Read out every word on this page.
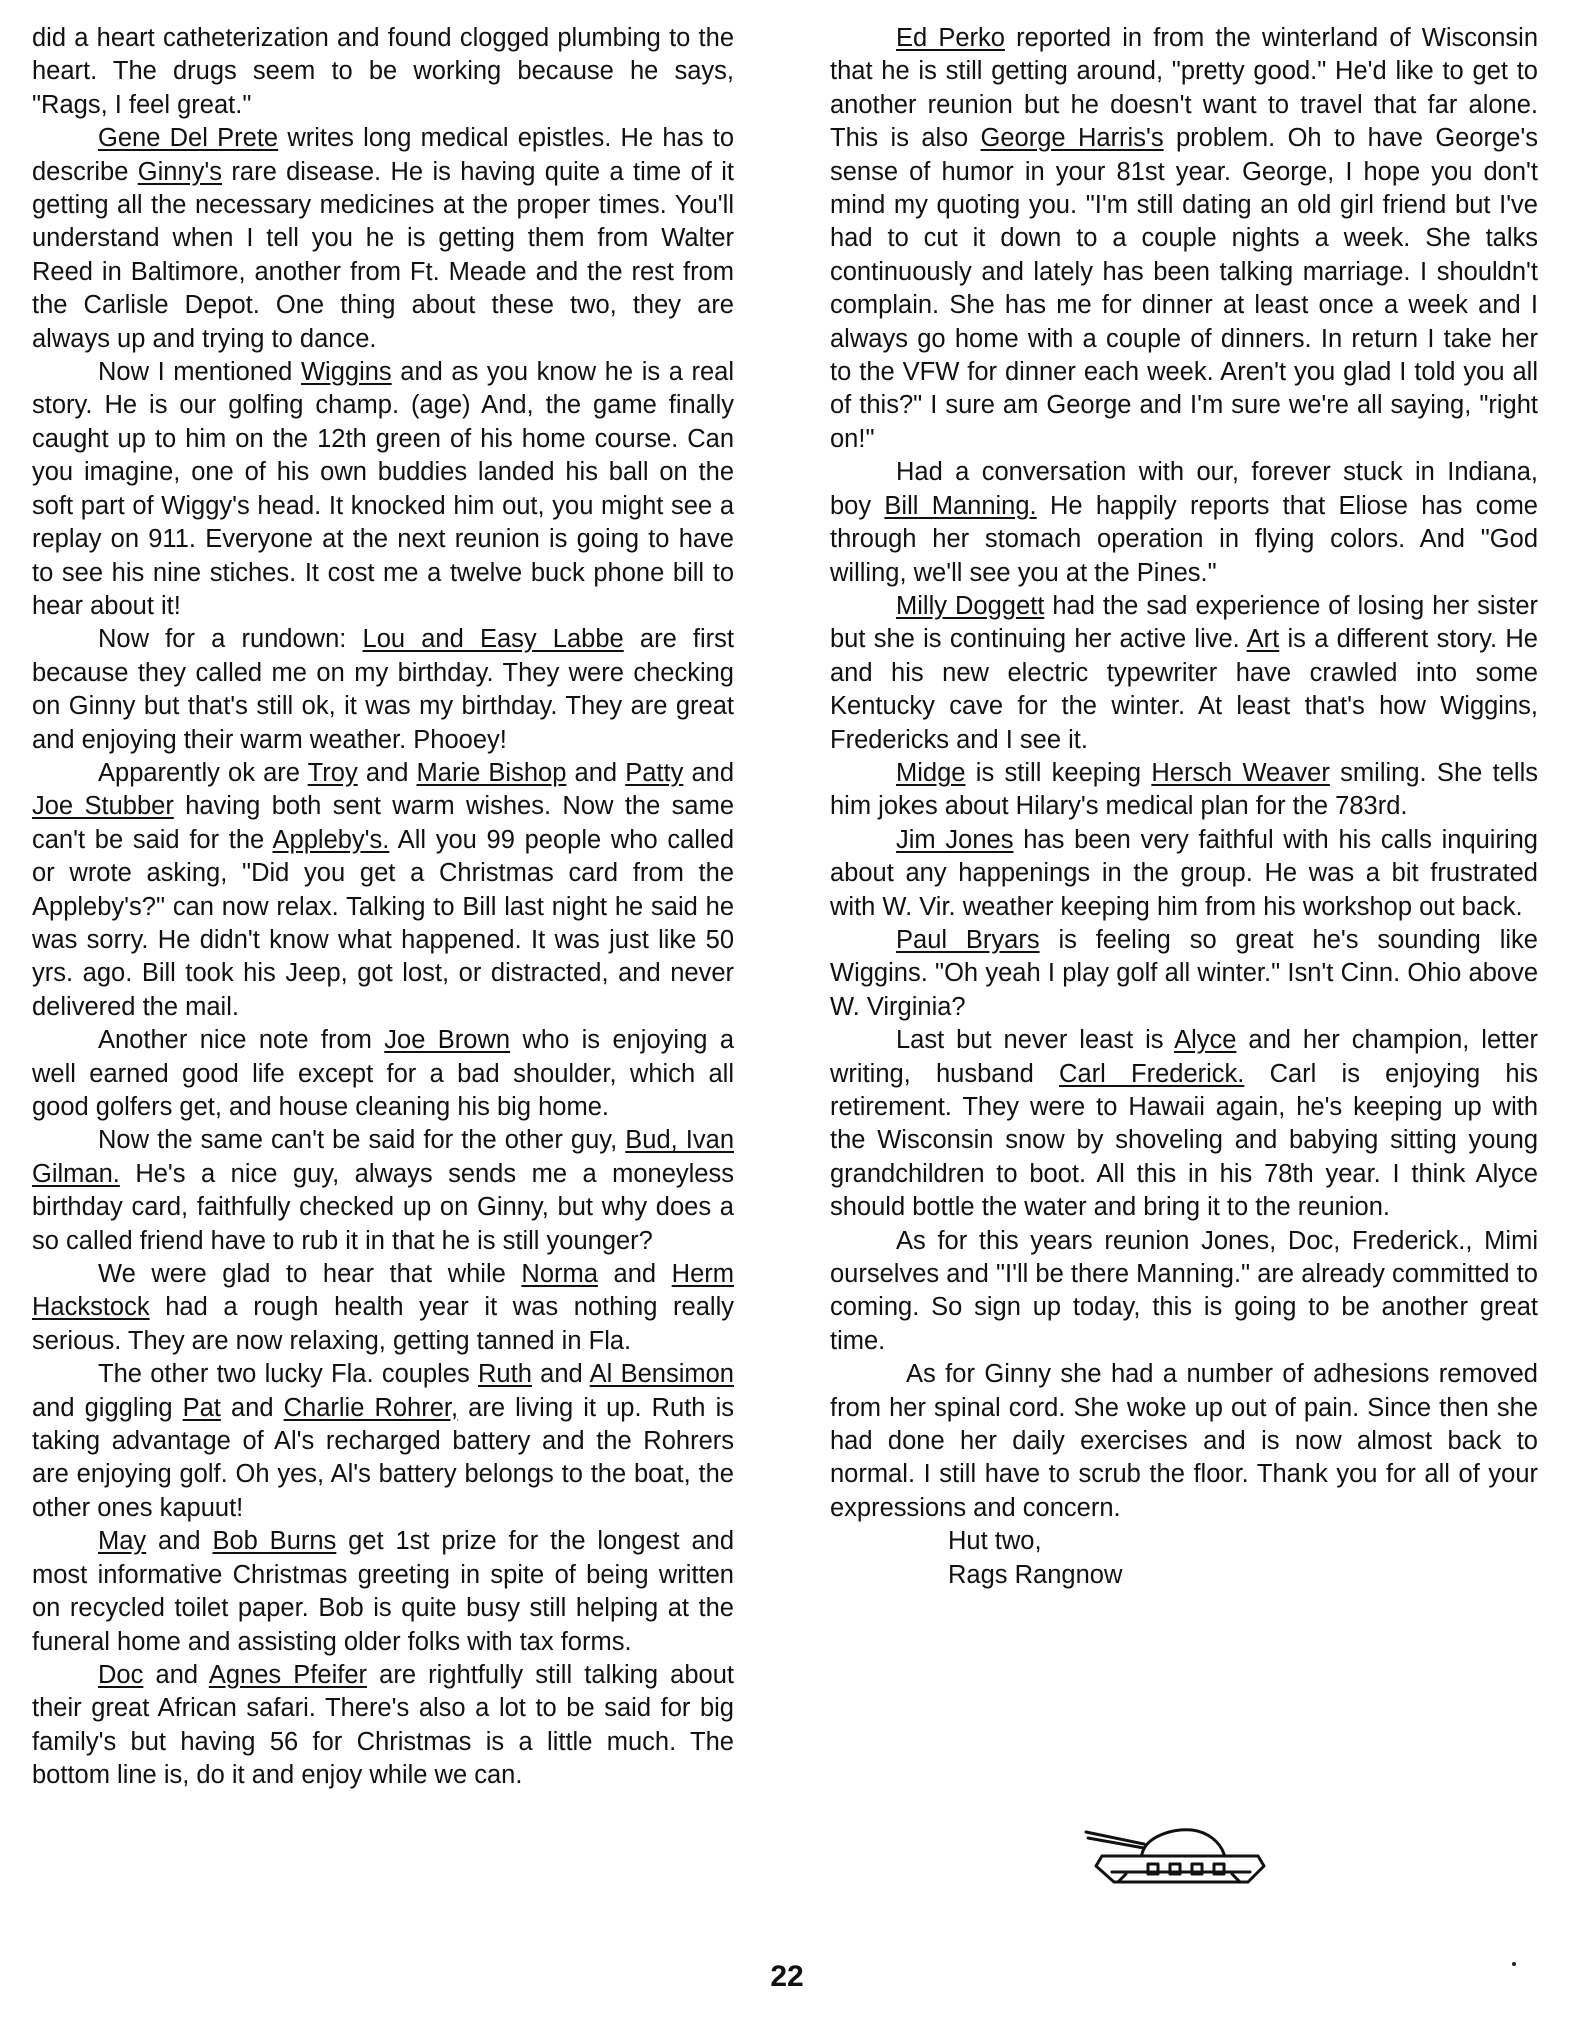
did a heart catheterization and found clogged plumbing to the heart. The drugs seem to be working because he says, "Rags, I feel great."

Gene Del Prete writes long medical epistles. He has to describe Ginny's rare disease. He is having quite a time of it getting all the necessary medicines at the proper times. You'll understand when I tell you he is getting them from Walter Reed in Baltimore, another from Ft. Meade and the rest from the Carlisle Depot. One thing about these two, they are always up and trying to dance.

Now I mentioned Wiggins and as you know he is a real story. He is our golfing champ. (age) And, the game finally caught up to him on the 12th green of his home course. Can you imagine, one of his own buddies landed his ball on the soft part of Wiggy's head. It knocked him out, you might see a replay on 911. Everyone at the next reunion is going to have to see his nine stiches. It cost me a twelve buck phone bill to hear about it!

Now for a rundown: Lou and Easy Labbe are first because they called me on my birthday. They were checking on Ginny but that's still ok, it was my birthday. They are great and enjoying their warm weather. Phooey!

Apparently ok are Troy and Marie Bishop and Patty and Joe Stubber having both sent warm wishes. Now the same can't be said for the Appleby's. All you 99 people who called or wrote asking, "Did you get a Christmas card from the Appleby's?" can now relax. Talking to Bill last night he said he was sorry. He didn't know what happened. It was just like 50 yrs. ago. Bill took his Jeep, got lost, or distracted, and never delivered the mail.

Another nice note from Joe Brown who is enjoying a well earned good life except for a bad shoulder, which all good golfers get, and house cleaning his big home.

Now the same can't be said for the other guy, Bud, Ivan Gilman. He's a nice guy, always sends me a moneyless birthday card, faithfully checked up on Ginny, but why does a so called friend have to rub it in that he is still younger?

We were glad to hear that while Norma and Herm Hackstock had a rough health year it was nothing really serious. They are now relaxing, getting tanned in Fla.

The other two lucky Fla. couples Ruth and Al Bensimon and giggling Pat and Charlie Rohrer, are living it up. Ruth is taking advantage of Al's recharged battery and the Rohrers are enjoying golf. Oh yes, Al's battery belongs to the boat, the other ones kapuut!

May and Bob Burns get 1st prize for the longest and most informative Christmas greeting in spite of being written on recycled toilet paper. Bob is quite busy still helping at the funeral home and assisting older folks with tax forms.

Doc and Agnes Pfeifer are rightfully still talking about their great African safari. There's also a lot to be said for big family's but having 56 for Christmas is a little much. The bottom line is, do it and enjoy while we can.

Ed Perko reported in from the winterland of Wisconsin that he is still getting around, "pretty good." He'd like to get to another reunion but he doesn't want to travel that far alone. This is also George Harris's problem. Oh to have George's sense of humor in your 81st year. George, I hope you don't mind my quoting you. "I'm still dating an old girl friend but I've had to cut it down to a couple nights a week. She talks continuously and lately has been talking marriage. I shouldn't complain. She has me for dinner at least once a week and I always go home with a couple of dinners. In return I take her to the VFW for dinner each week. Aren't you glad I told you all of this?" I sure am George and I'm sure we're all saying, "right on!"

Had a conversation with our, forever stuck in Indiana, boy Bill Manning. He happily reports that Eliose has come through her stomach operation in flying colors. And "God willing, we'll see you at the Pines."

Milly Doggett had the sad experience of losing her sister but she is continuing her active live. Art is a different story. He and his new electric typewriter have crawled into some Kentucky cave for the winter. At least that's how Wiggins, Fredericks and I see it.

Midge is still keeping Hersch Weaver smiling. She tells him jokes about Hilary's medical plan for the 783rd.

Jim Jones has been very faithful with his calls inquiring about any happenings in the group. He was a bit frustrated with W. Vir. weather keeping him from his workshop out back.

Paul Bryars is feeling so great he's sounding like Wiggins. "Oh yeah I play golf all winter." Isn't Cinn. Ohio above W. Virginia?

Last but never least is Alyce and her champion, letter writing, husband Carl Frederick. Carl is enjoying his retirement. They were to Hawaii again, he's keeping up with the Wisconsin snow by shoveling and babying sitting young grandchildren to boot. All this in his 78th year. I think Alyce should bottle the water and bring it to the reunion.

As for this years reunion Jones, Doc, Frederick., Mimi ourselves and "I'll be there Manning." are already committed to coming. So sign up today, this is going to be another great time.

As for Ginny she had a number of adhesions removed from her spinal cord. She woke up out of pain. Since then she had done her daily exercises and is now almost back to normal. I still have to scrub the floor. Thank you for all of your expressions and concern.

Hut two,

Rags Rangnow

22
